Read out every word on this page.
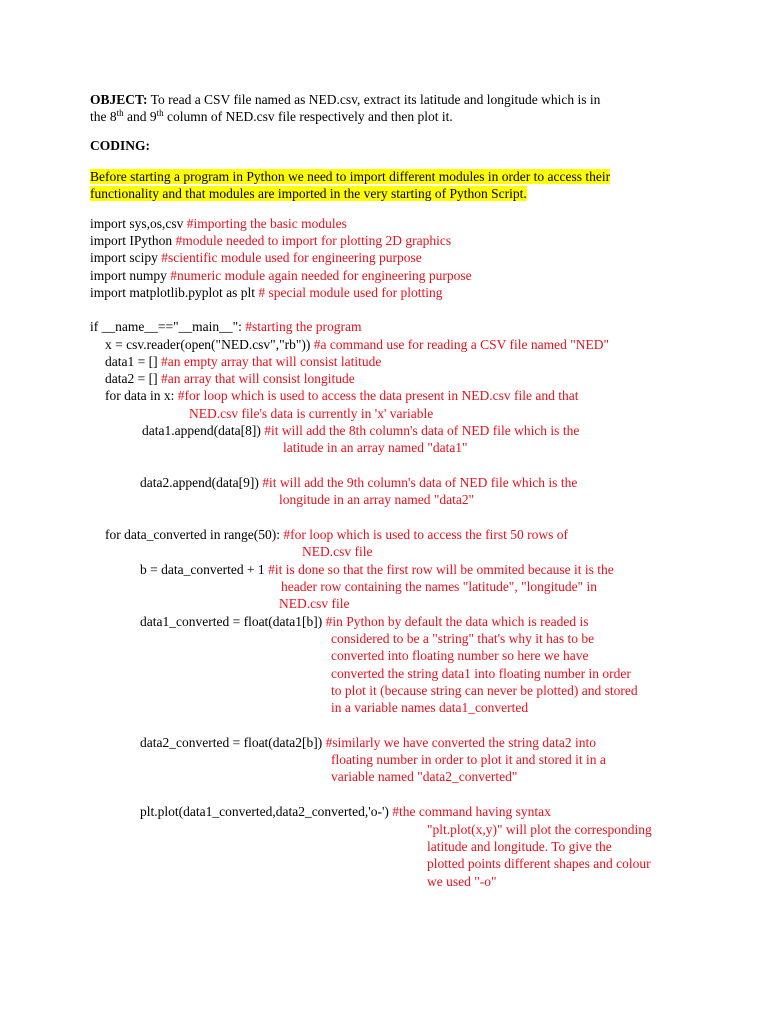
OBJECT: To read a CSV file named as NED.csv, extract its latitude and longitude which is in
the 8th and 9th column of NED.csv file respectively and then plot it.
CODING:
Before starting a program in Python we need to import different modules in order to access their
functionality and that modules are imported in the very starting of Python Script.
import sys,os,csv #importing the basic modules
import IPython #module needed to import for plotting 2D graphics
import scipy #scientific module used for engineering purpose
import numpy #numeric module again needed for engineering purpose
import matplotlib.pyplot as plt # special module used for plotting
if __name__=="__main__": #starting the program
x = csv.reader(open("NED.csv","rb")) #a command use for reading a CSV file named "NED"
data1 = [] #an empty array that will consist latitude
data2 = [] #an array that will consist longitude
for data in x: #for loop which is used to access the data present in NED.csv file and that
NED.csv file's data is currently in 'x' variable
data1.append(data[8]) #it will add the 8th column's data of NED file which is the
latitude in an array named "data1"
data2.append(data[9]) #it will add the 9th column's data of NED file which is the
longitude in an array named "data2"
for data_converted in range(50): #for loop which is used to access the first 50 rows of
NED.csv file
b = data_converted + 1 #it is done so that the first row will be ommited because it is the
header row containing the names "latitude", "longitude" in
NED.csv file
data1_converted = float(data1[b]) #in Python by default the data which is readed is
considered to be a "string" that's why it has to be
converted into floating number so here we have
converted the string data1 into floating number in order
to plot it (because string can never be plotted) and stored
in a variable names data1_converted
data2_converted = float(data2[b]) #similarly we have converted the string data2 into
floating number in order to plot it and stored it in a
variable named "data2_converted"
plt.plot(data1_converted,data2_converted,'o-') #the command having syntax
"plt.plot(x,y)" will plot the corresponding
latitude and longitude. To give the
plotted points different shapes and colour
we used "-o"
